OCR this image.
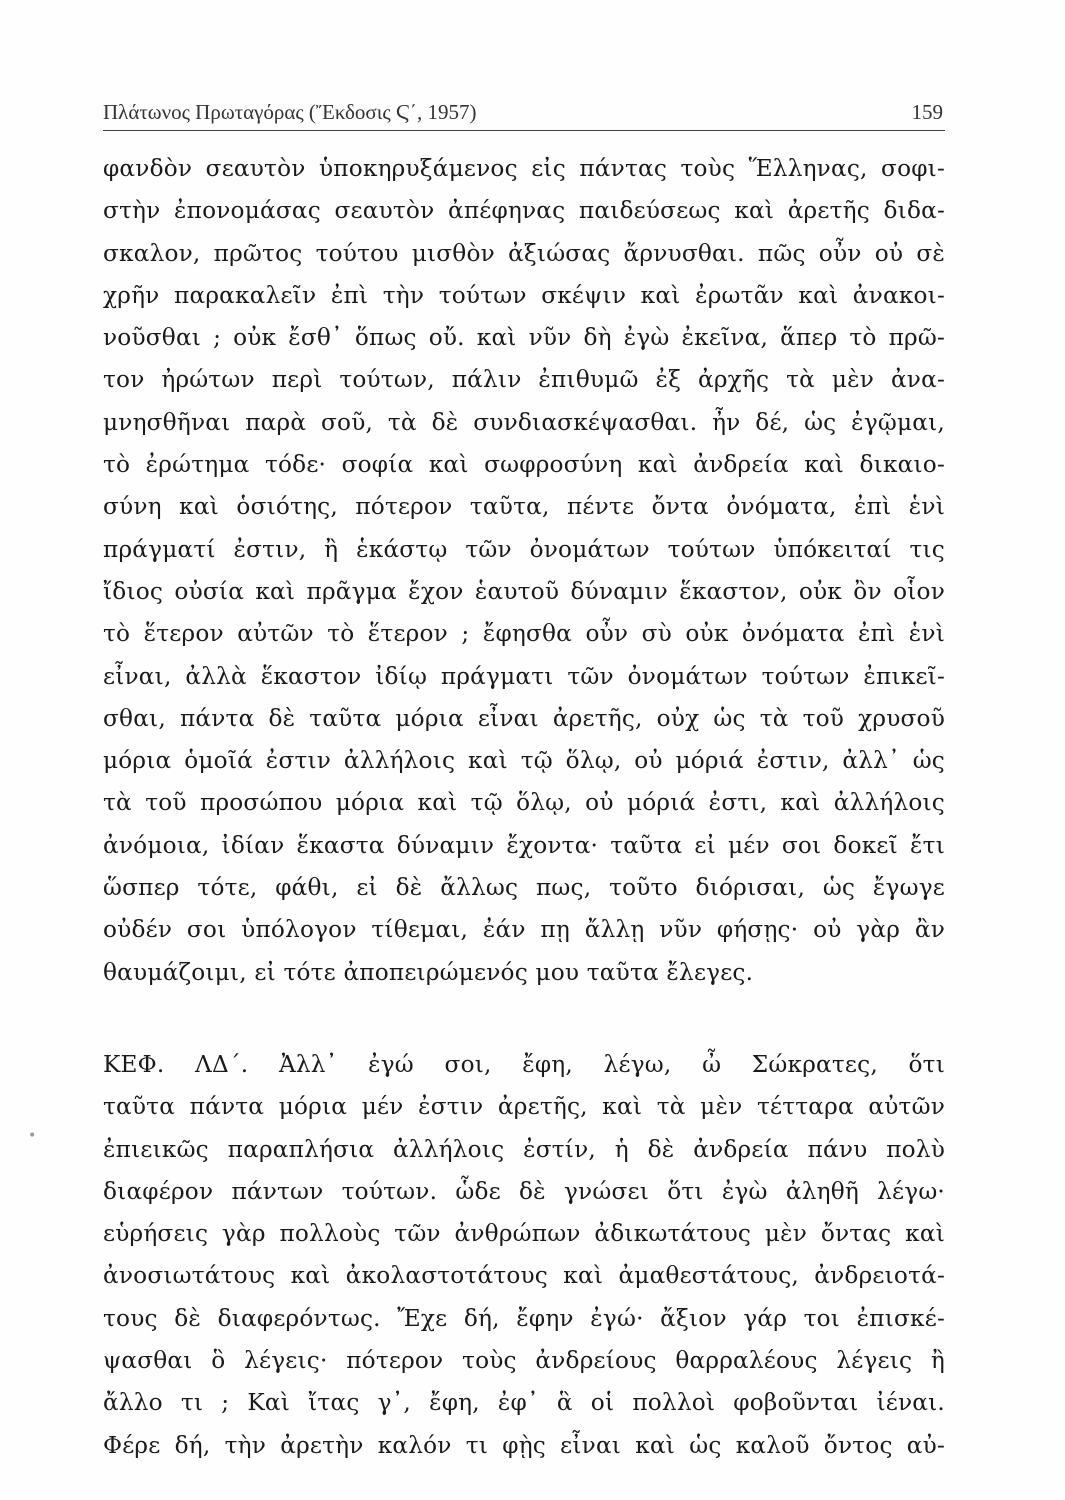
Πλάτωνος Πρωταγόρας (Ἔκδοσις Ϛ΄, 1957)	159
φανδὸν σεαυτὸν ὑποκηρυξάμενος εἰς πάντας τοὺς Ἕλληνας, σοφι-
στὴν ἐπονομάσας σεαυτὸν ἀπέφηνας παιδεύσεως καὶ ἀρετῆς διδα-
σκαλον, πρῶτος τούτου μισθὸν ἀξιώσας ἄρνυσθαι. πῶς οὖν οὐ σὲ
χρῆν παρακαλεῖν ἐπὶ τὴν τούτων σκέψιν καὶ ἐρωτᾶν καὶ ἀνακοι-
νοῦσθαι ; οὐκ ἔσθ᾿ ὅπως οὔ. καὶ νῦν δὴ ἐγὼ ἐκεῖνα, ἅπερ τὸ πρῶ-
τον ἠρώτων περὶ τούτων, πάλιν ἐπιθυμῶ ἐξ ἀρχῆς τὰ μὲν ἀνα-
μνησθῆναι παρὰ σοῦ, τὰ δὲ συνδιασκέψασθαι. ἦν δέ, ὡς ἐγῷμαι,
τὸ ἐρώτημα τόδε· σοφία καὶ σωφροσύνη καὶ ἀνδρεία καὶ δικαιο-
σύνη καὶ ὁσιότης, πότερον ταῦτα, πέντε ὄντα ὀνόματα, ἐπὶ ἑνὶ
πράγματί ἐστιν, ἢ ἑκάστῳ τῶν ὀνομάτων τούτων ὑπόκειταί τις
ἴδιος οὐσία καὶ πρᾶγμα ἔχον ἑαυτοῦ δύναμιν ἕκαστον, οὐκ ὂν οἷον
τὸ ἕτερον αὐτῶν τὸ ἕτερον ; ἔφησθα οὖν σὺ οὐκ ὀνόματα ἐπὶ ἑνὶ
εἶναι, ἀλλὰ ἕκαστον ἰδίῳ πράγματι τῶν ὀνομάτων τούτων ἐπικεῖ-
σθαι, πάντα δὲ ταῦτα μόρια εἶναι ἀρετῆς, οὐχ ὡς τὰ τοῦ χρυσοῦ
μόρια ὁμοῖά ἐστιν ἀλλήλοις καὶ τῷ ὅλῳ, οὐ μόριά ἐστιν, ἀλλ᾿ ὡς
τὰ τοῦ προσώπου μόρια καὶ τῷ ὅλῳ, οὐ μόριά ἐστι, καὶ ἀλλήλοις
ἀνόμοια, ἰδίαν ἕκαστα δύναμιν ἔχοντα· ταῦτα εἰ μέν σοι δοκεῖ ἔτι
ὥσπερ τότε, φάθι, εἰ δὲ ἄλλως πως, τοῦτο διόρισαι, ὡς ἔγωγε
οὐδέν σοι ὑπόλογον τίθεμαι, ἐάν πῃ ἄλλῃ νῦν φήσῃς· οὐ γὰρ ἂν
θαυμάζοιμι, εἰ τότε ἀποπειρώμενός μου ταῦτα ἔλεγες.
ΚΕΦ. ΛΔ΄. Ἀλλ᾿ ἐγώ σοι, ἔφη, λέγω, ὦ Σώκρατες, ὅτι
ταῦτα πάντα μόρια μέν ἐστιν ἀρετῆς, καὶ τὰ μὲν τέτταρα αὐτῶν
ἐπιεικῶς παραπλήσια ἀλλήλοις ἐστίν, ἡ δὲ ἀνδρεία πάνυ πολὺ
διαφέρον πάντων τούτων. ὧδε δὲ γνώσει ὅτι ἐγὼ ἀληθῆ λέγω·
εὑρήσεις γὰρ πολλοὺς τῶν ἀνθρώπων ἀδικωτάτους μὲν ὄντας καὶ
ἀνοσιωτάτους καὶ ἀκολαστοτάτους καὶ ἀμαθεστάτους, ἀνδρειοτά-
τους δὲ διαφερόντως. Ἔχε δή, ἔφην ἐγώ· ἄξιον γάρ τοι ἐπισκέ-
ψασθαι ὃ λέγεις· πότερον τοὺς ἀνδρείους θαρραλέους λέγεις ἢ
ἄλλο τι ; Καὶ ἴτας γ᾿, ἔφη, ἐφ᾿ ἃ οἱ πολλοὶ φοβοῦνται ἰέναι.
Φέρε δή, τὴν ἀρετὴν καλόν τι φῂς εἶναι καὶ ὡς καλοῦ ὄντος αὐ-
•
